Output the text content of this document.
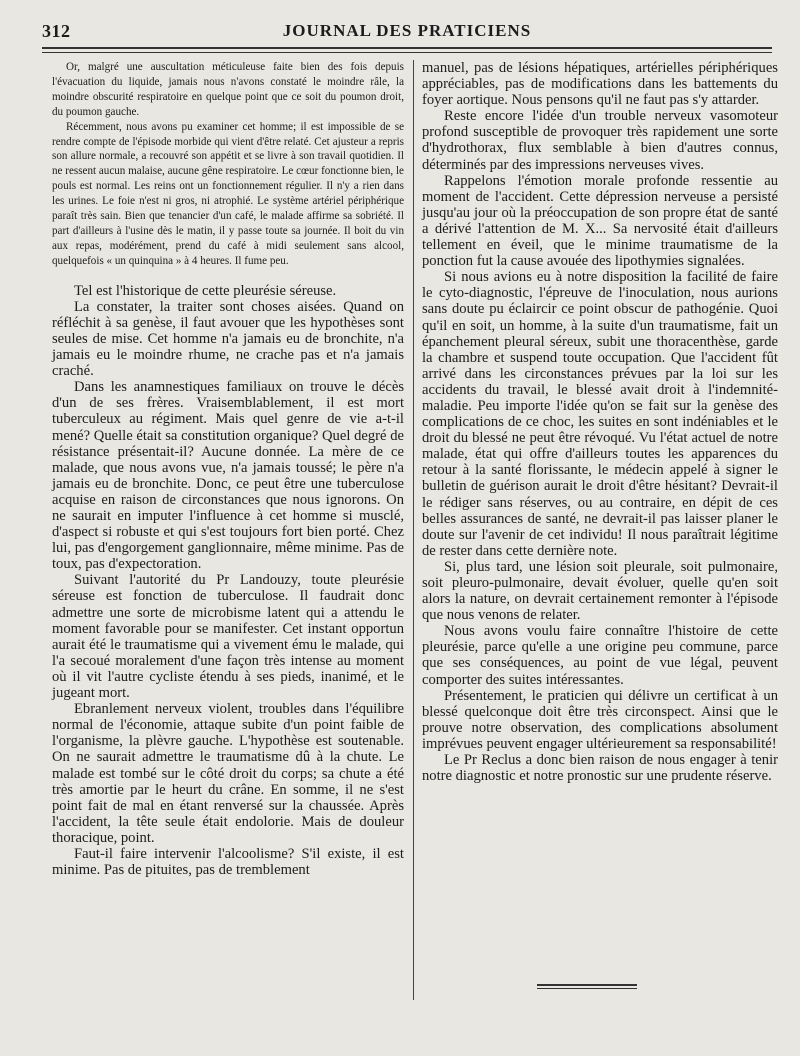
312	JOURNAL DES PRATICIENS

Or, malgré une auscultation méticuleuse faite bien des fois depuis l'évacuation du liquide, jamais nous n'avons constaté le moindre râle, la moindre obscurité respiratoire en quelque point que ce soit du poumon droit, du poumon gauche.

Récemment, nous avons pu examiner cet homme; il est impossible de se rendre compte de l'épisode morbide qui vient d'être relaté. Cet ajusteur a repris son allure normale, a recouvré son appétit et se livre à son travail quotidien. Il ne ressent aucun malaise, aucune gêne respiratoire. Le cœur fonctionne bien, le pouls est normal. Les reins ont un fonctionnement régulier. Il n'y a rien dans les urines. Le foie n'est ni gros, ni atrophié. Le système artériel périphérique paraît très sain. Bien que tenancier d'un café, le malade affirme sa sobriété. Il part d'ailleurs à l'usine dès le matin, il y passe toute sa journée. Il boit du vin aux repas, modérément, prend du café à midi seulement sans alcool, quelquefois « un quinquina » à 4 heures. Il fume peu.

Tel est l'historique de cette pleurésie séreuse.

La constater, la traiter sont choses aisées. Quand on réfléchit à sa genèse, il faut avouer que les hypothèses sont seules de mise. Cet homme n'a jamais eu de bronchite, n'a jamais eu le moindre rhume, ne crache pas et n'a jamais craché.

Dans les anamnestiques familiaux on trouve le décès d'un de ses frères. Vraisemblablement, il est mort tuberculeux au régiment. Mais quel genre de vie a-t-il mené? Quelle était sa constitution organique? Quel degré de résistance présentait-il? Aucune donnée. La mère de ce malade, que nous avons vue, n'a jamais toussé; le père n'a jamais eu de bronchite. Donc, ce peut être une tuberculose acquise en raison de circonstances que nous ignorons. On ne saurait en imputer l'influence à cet homme si musclé, d'aspect si robuste et qui s'est toujours fort bien porté. Chez lui, pas d'engorgement ganglionnaire, même minime. Pas de toux, pas d'expectoration.

Suivant l'autorité du Pr Landouzy, toute pleurésie séreuse est fonction de tuberculose. Il faudrait donc admettre une sorte de microbisme latent qui a attendu le moment favorable pour se manifester. Cet instant opportun aurait été le traumatisme qui a vivement ému le malade, qui l'a secoué moralement d'une façon très intense au moment où il vit l'autre cycliste étendu à ses pieds, inanimé, et le jugeant mort.

Ebranlement nerveux violent, troubles dans l'équilibre normal de l'économie, attaque subite d'un point faible de l'organisme, la plèvre gauche. L'hypothèse est soutenable. On ne saurait admettre le traumatisme dû à la chute. Le malade est tombé sur le côté droit du corps; sa chute a été très amortie par le heurt du crâne. En somme, il ne s'est point fait de mal en étant renversé sur la chaussée. Après l'accident, la tête seule était endolorie. Mais de douleur thoracique, point.

Faut-il faire intervenir l'alcoolisme? S'il existe, il est minime. Pas de pituites, pas de tremblement

manuel, pas de lésions hépatiques, artérielles périphériques appréciables, pas de modifications dans les battements du foyer aortique. Nous pensons qu'il ne faut pas s'y attarder.

Reste encore l'idée d'un trouble nerveux vasomoteur profond susceptible de provoquer très rapidement une sorte d'hydrothorax, flux semblable à bien d'autres connus, déterminés par des impressions nerveuses vives.

Rappelons l'émotion morale profonde ressentie au moment de l'accident. Cette dépression nerveuse a persisté jusqu'au jour où la préoccupation de son propre état de santé a dérivé l'attention de M. X... Sa nervosité était d'ailleurs tellement en éveil, que le minime traumatisme de la ponction fut la cause avouée des lipothymies signalées.

Si nous avions eu à notre disposition la facilité de faire le cyto-diagnostic, l'épreuve de l'inoculation, nous aurions sans doute pu éclaircir ce point obscur de pathogénie. Quoi qu'il en soit, un homme, à la suite d'un traumatisme, fait un épanchement pleural séreux, subit une thoracenthèse, garde la chambre et suspend toute occupation. Que l'accident fût arrivé dans les circonstances prévues par la loi sur les accidents du travail, le blessé avait droit à l'indemnité-maladie. Peu importe l'idée qu'on se fait sur la genèse des complications de ce choc, les suites en sont indéniables et le droit du blessé ne peut être révoqué. Vu l'état actuel de notre malade, état qui offre d'ailleurs toutes les apparences du retour à la santé florissante, le médecin appelé à signer le bulletin de guérison aurait le droit d'être hésitant? Devrait-il le rédiger sans réserves, ou au contraire, en dépit de ces belles assurances de santé, ne devrait-il pas laisser planer le doute sur l'avenir de cet individu! Il nous paraîtrait légitime de rester dans cette dernière note.

Si, plus tard, une lésion soit pleurale, soit pulmonaire, soit pleuro-pulmonaire, devait évoluer, quelle qu'en soit alors la nature, on devrait certainement remonter à l'épisode que nous venons de relater.

Nous avons voulu faire connaître l'histoire de cette pleurésie, parce qu'elle a une origine peu commune, parce que ses conséquences, au point de vue légal, peuvent comporter des suites intéressantes.

Présentement, le praticien qui délivre un certificat à un blessé quelconque doit être très circonspect. Ainsi que le prouve notre observation, des complications absolument imprévues peuvent engager ultérieurement sa responsabilité!

Le Pr Reclus a donc bien raison de nous engager à tenir notre diagnostic et notre pronostic sur une prudente réserve.
